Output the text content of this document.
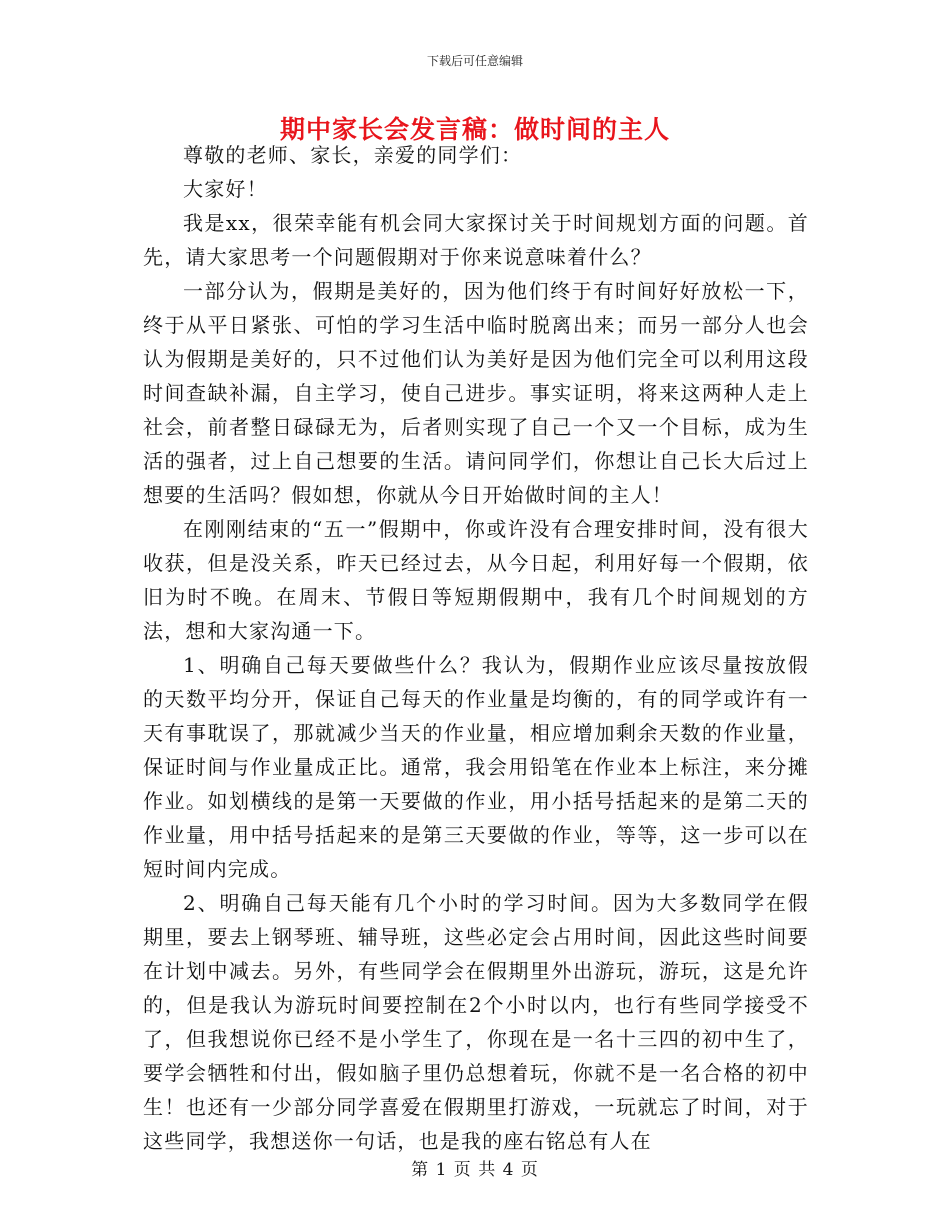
下载后可任意编辑
期中家长会发言稿：做时间的主人

尊敬的老师、家长，亲爱的同学们：

大家好！

我是xx，很荣幸能有机会同大家探讨关于时间规划方面的问题。首先，请大家思考一个问题假期对于你来说意味着什么？

一部分认为，假期是美好的，因为他们终于有时间好好放松一下，终于从平日紧张、可怕的学习生活中临时脱离出来；而另一部分人也会认为假期是美好的，只不过他们认为美好是因为他们完全可以利用这段时间查缺补漏，自主学习，使自己进步。事实证明，将来这两种人走上社会，前者整日碌碌无为，后者则实现了自己一个又一个目标，成为生活的强者，过上自己想要的生活。请问同学们，你想让自己长大后过上想要的生活吗？假如想，你就从今日开始做时间的主人！

在刚刚结束的“五一”假期中，你或许没有合理安排时间，没有很大收获，但是没关系，昨天已经过去，从今日起，利用好每一个假期，依旧为时不晚。在周末、节假日等短期假期中，我有几个时间规划的方法，想和大家沟通一下。

1、明确自己每天要做些什么？我认为，假期作业应该尽量按放假的天数平均分开，保证自己每天的作业量是均衡的，有的同学或许有一天有事耽误了，那就减少当天的作业量，相应增加剩余天数的作业量，保证时间与作业量成正比。通常，我会用铅笔在作业本上标注，来分摊作业。如划横线的是第一天要做的作业，用小括号括起来的是第二天的作业量，用中括号括起来的是第三天要做的作业，等等，这一步可以在短时间内完成。

2、明确自己每天能有几个小时的学习时间。因为大多数同学在假期里，要去上钢琴班、辅导班，这些必定会占用时间，因此这些时间要在计划中减去。另外，有些同学会在假期里外出游玩，游玩，这是允许的，但是我认为游玩时间要控制在2个小时以内，也行有些同学接受不了，但我想说你已经不是小学生了，你现在是一名十三四的初中生了，要学会牺牲和付出，假如脑子里仍总想着玩，你就不是一名合格的初中生！也还有一少部分同学喜爱在假期里打游戏，一玩就忘了时间，对于这些同学，我想送你一句话，也是我的座右铭总有人在

第 1 页 共 4 页
